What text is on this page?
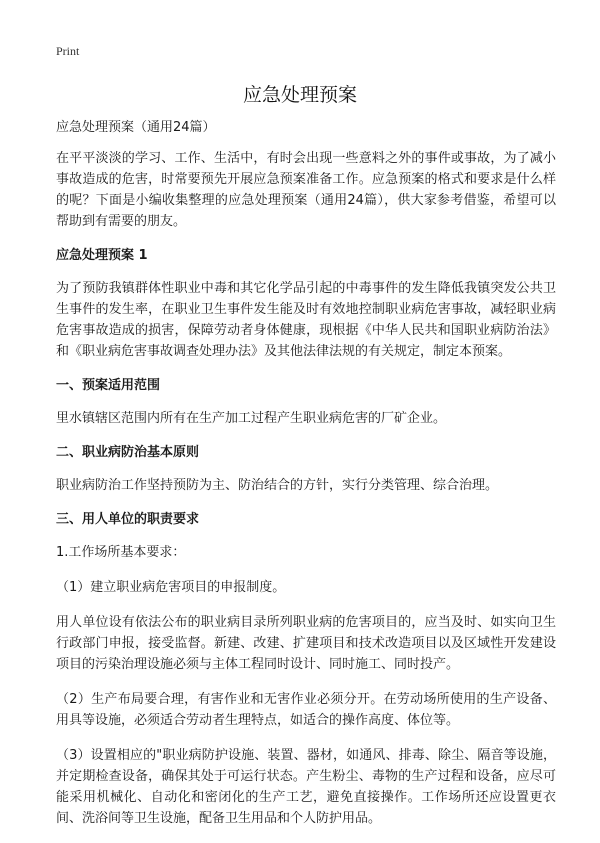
Print
应急处理预案

应急处理预案（通用24篇）

在平平淡淡的学习、工作、生活中，有时会出现一些意料之外的事件或事故，为了减小事故造成的危害，时常要预先开展应急预案准备工作。应急预案的格式和要求是什么样的呢？下面是小编收集整理的应急处理预案（通用24篇），供大家参考借鉴，希望可以帮助到有需要的朋友。

应急处理预案 1

为了预防我镇群体性职业中毒和其它化学品引起的中毒事件的发生降低我镇突发公共卫生事件的发生率，在职业卫生事件发生能及时有效地控制职业病危害事故，减轻职业病危害事故造成的损害，保障劳动者身体健康，现根据《中华人民共和国职业病防治法》和《职业病危害事故调查处理办法》及其他法律法规的有关规定，制定本预案。

一、预案适用范围

里水镇辖区范围内所有在生产加工过程产生职业病危害的厂矿企业。

二、职业病防治基本原则

职业病防治工作坚持预防为主、防治结合的方针，实行分类管理、综合治理。

三、用人单位的职责要求

1.工作场所基本要求：

（1）建立职业病危害项目的申报制度。

用人单位设有依法公布的职业病目录所列职业病的危害项目的，应当及时、如实向卫生行政部门申报，接受监督。新建、改建、扩建项目和技术改造项目以及区域性开发建设项目的污染治理设施必须与主体工程同时设计、同时施工、同时投产。

（2）生产布局要合理，有害作业和无害作业必须分开。在劳动场所使用的生产设备、用具等设施，必须适合劳动者生理特点，如适合的操作高度、体位等。

（3）设置相应的"职业病防护设施、装置、器材，如通风、排毒、除尘、隔音等设施，并定期检查设备，确保其处于可运行状态。产生粉尘、毒物的生产过程和设备，应尽可能采用机械化、自动化和密闭化的生产工艺，避免直接操作。工作场所还应设置更衣间、洗浴间等卫生设施，配备卫生用品和个人防护用品。
